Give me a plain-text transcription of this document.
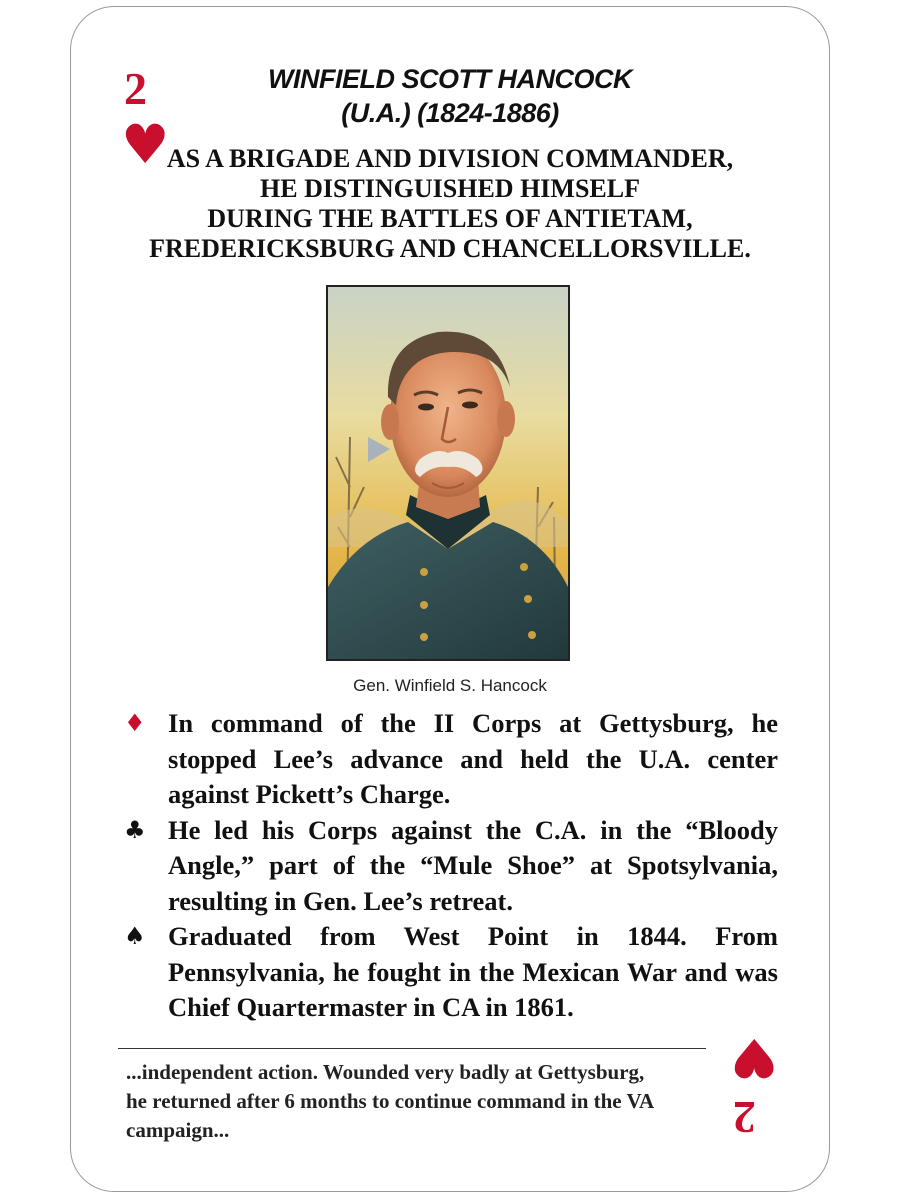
2
♥
WINFIELD SCOTT HANCOCK
(U.A.) (1824-1886)

AS A BRIGADE AND DIVISION COMMANDER,
HE DISTINGUISHED HIMSELF
DURING THE BATTLES OF ANTIETAM,
FREDERICKSBURG AND CHANCELLORSVILLE.

Gen. Winfield S. Hancock
♦ In command of the II Corps at Gettysburg, he stopped Lee’s advance and held the U.A. center against Pickett’s Charge.
♣ He led his Corps against the C.A. in the “Bloody Angle,” part of the “Mule Shoe” at Spotsylvania, resulting in Gen. Lee’s retreat.
♠ Graduated from West Point in 1844. From Pennsylvania, he fought in the Mexican War and was Chief Quartermaster in CA in 1861.
...independent action. Wounded very badly at Gettysburg, he returned after 6 months to continue command in the VA campaign...
♥
2
